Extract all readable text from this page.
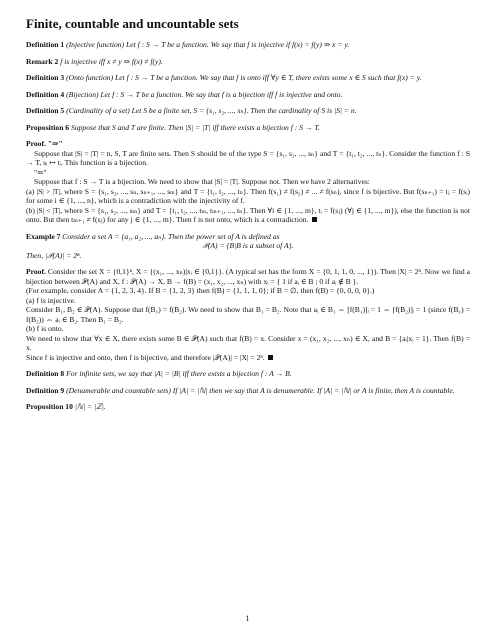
Finite, countable and uncountable sets
Definition 1 (Injective function) Let f : S → T be a function. We say that f is injective if f(x) = f(y) ⇒ x = y.
Remark 2 f is injective iff x ≠ y ⇒ f(x) ≠ f(y).
Definition 3 (Onto function) Let f : S → T be a function. We say that f is onto iff ∀y ∈ T, there exists some x ∈ S such that f(x) = y.
Definition 4 (Bijection) Let f : S → T be a function. We say that f is a bijection iff f is injective and onto.
Definition 5 (Cardinality of a set) Let S be a finite set, S = {s₁, s₂, ..., sₙ}. Then the cardinality of S is |S| = n.
Proposition 6 Suppose that S and T are finite. Then |S| = |T| iff there exists a bijection f : S → T.

Proof. "⇒"

Suppose that |S| = |T| = n, S, T are finite sets. Then S should be of the type S = {s₁, s₂, ..., sₙ} and T = {t₁, t₂, ..., tₙ}. Consider the function f : S → T, sᵢ ↦ tᵢ. This function is a bijection.

"⇐"

Suppose that f : S → T is a bijection. We need to show that |S| = |T|. Suppose not. Then we have 2 alternatives:

(a) |S| > |T|, where S = {s₁, s₂, ..., sₙ, sₙ₊₁, ..., sₘ} and T = {t₁, t₂, ..., tₙ}. Then f(s₁) ≠ f(s₂) ≠ ... ≠ f(sₙ), since f is bijective. But f(sₙ₊₁) = tⱼ = f(sᵢ) for some i ∈ {1, ..., n}, which is a contradiction with the injectivity of f.

(b) |S| < |T|, where S = {s₁, s₂, ..., sₘ} and T = {t₁, t₂, ..., tₘ, tₘ₊₁, ..., tₙ}. Then ∀i ∈ {1, ..., m}, tᵢ = f(sⱼ) (∀j ∈ {1, ..., m}), else the function is not onto. But then tₘ₊₁ ≠ f(sⱼ) for any j ∈ {1, ..., m}. Then f is not onto, which is a contradiction.

Example 7 Consider a set A = {a₁, a₂, ..., aₙ}. Then the power set of A is defined as

𝒫(A) = {B|B is a subset of A}.

Then, |𝒫(A)| = 2ⁿ.

Proof. Consider the set X = {0,1}ⁿ, X = {(x₁, ..., xₙ)|xᵢ ∈ {0,1}}. (A typical set has the form X = {0, 1, 1, 0, ..., 1}). Then |X| = 2ⁿ. Now we find a bijection between 𝒫(A) and X, f : 𝒫(A) → X, B → f(B) = (x₁, x₂, ..., xₙ) with xᵢ = { 1 if aᵢ ∈ B ; 0 if aᵢ ∉ B }.

(For example, consider A = {1, 2, 3, 4}. If B = {1, 2, 3} then f(B) = {1, 1, 1, 0}; if B = ∅, then f(B) = {0, 0, 0, 0}.)

(a) f is injective.

Consider B₁, B₂ ∈ 𝒫(A). Suppose that f(B₁) = f(B₂). We need to show that B₁ = B₂. Note that aᵢ ∈ B₁ ⇔ [f(B₁)]ᵢ = 1 ⇔ [f(B₂)]ᵢ = 1 (since f(B₁) = f(B₂)) ⇔ aᵢ ∈ B₂. Then B₁ = B₂.

(b) f is onto.

We need to show that ∀x ∈ X, there exists some B ∈ 𝒫(A) such that f(B) = x. Consider x = (x₁, x₂, ..., xₙ) ∈ X, and B = {aᵢ|xᵢ = 1}. Then f(B) = x.

Since f is injective and onto, then f is bijective, and therefore |𝒫(A)| = |X| = 2ⁿ.

Definition 8 For infinite sets, we say that |A| = |B| iff there exists a bijection f : A → B.
Definition 9 (Denumerable and countable sets) If |A| = |ℕ| then we say that A is denumerable. If |A| = |ℕ| or A is finite, then A is countable.
Proposition 10 |ℕ| = |ℤ|.
1
